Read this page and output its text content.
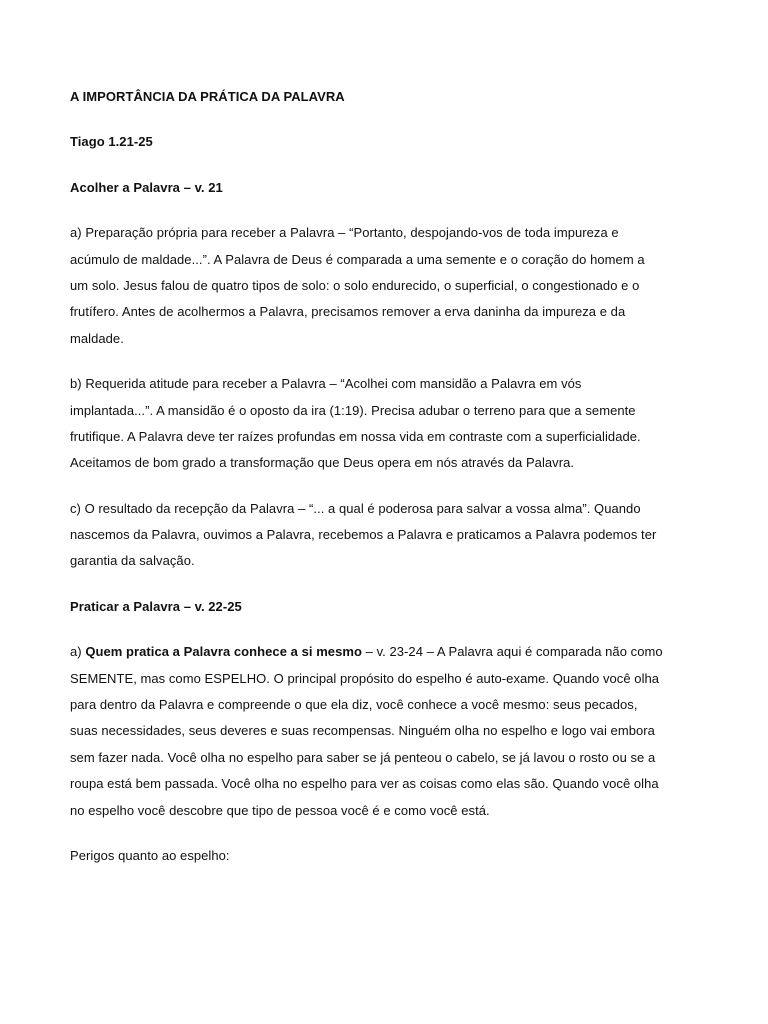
A IMPORTÂNCIA DA PRÁTICA DA PALAVRA
Tiago 1.21-25
Acolher a Palavra – v. 21
a) Preparação própria para receber a Palavra – “Portanto, despojando-vos de toda impureza e
acúmulo de maldade...”. A Palavra de Deus é comparada a uma semente e o coração do homem a
um solo. Jesus falou de quatro tipos de solo: o solo endurecido, o superficial, o congestionado e o
frutífero. Antes de acolhermos a Palavra, precisamos remover a erva daninha da impureza e da
maldade.
b) Requerida atitude para receber a Palavra – “Acolhei com mansidão a Palavra em vós
implantada...”. A mansidão é o oposto da ira (1:19). Precisa adubar o terreno para que a semente
frutifique. A Palavra deve ter raízes profundas em nossa vida em contraste com a superficialidade.
Aceitamos de bom grado a transformação que Deus opera em nós através da Palavra.
c) O resultado da recepção da Palavra – “... a qual é poderosa para salvar a vossa alma”. Quando
nascemos da Palavra, ouvimos a Palavra, recebemos a Palavra e praticamos a Palavra podemos ter
garantia da salvação.
Praticar a Palavra – v. 22-25
a) Quem pratica a Palavra conhece a si mesmo – v. 23-24 – A Palavra aqui é comparada não como
SEMENTE, mas como ESPELHO. O principal propósito do espelho é auto-exame. Quando você olha
para dentro da Palavra e compreende o que ela diz, você conhece a você mesmo: seus pecados,
suas necessidades, seus deveres e suas recompensas. Ninguém olha no espelho e logo vai embora
sem fazer nada. Você olha no espelho para saber se já penteou o cabelo, se já lavou o rosto ou se a
roupa está bem passada. Você olha no espelho para ver as coisas como elas são. Quando você olha
no espelho você descobre que tipo de pessoa você é e como você está.
Perigos quanto ao espelho:
